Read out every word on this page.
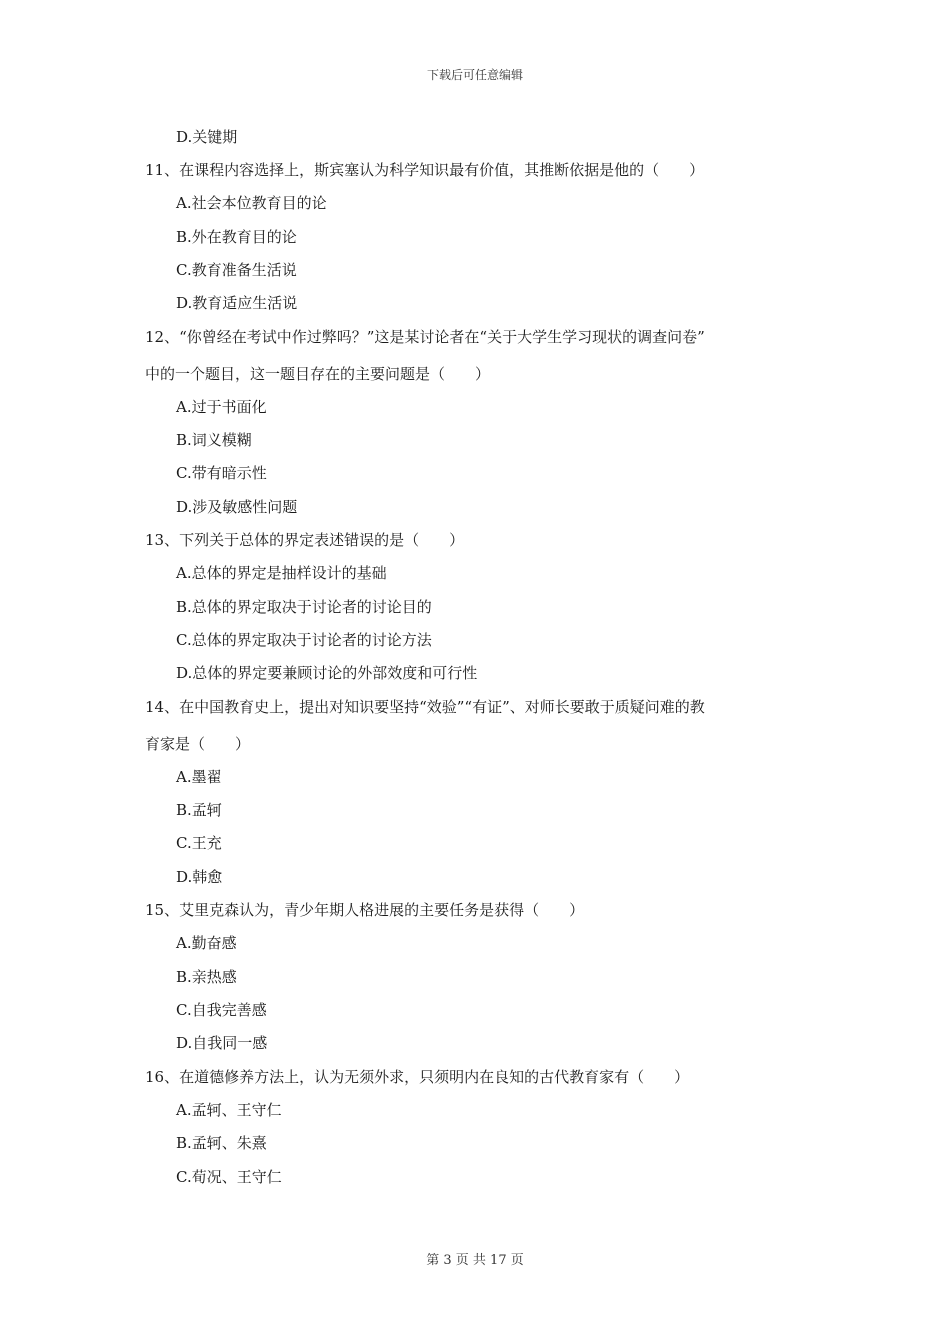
下载后可任意编辑
D.关键期
11、在课程内容选择上，斯宾塞认为科学知识最有价值，其推断依据是他的（　　）
A.社会本位教育目的论
B.外在教育目的论
C.教育准备生活说
D.教育适应生活说
12、“你曾经在考试中作过弊吗？”这是某讨论者在“关于大学生学习现状的调查问卷”
中的一个题目，这一题目存在的主要问题是（　　）
A.过于书面化
B.词义模糊
C.带有暗示性
D.涉及敏感性问题
13、下列关于总体的界定表述错误的是（　　）
A.总体的界定是抽样设计的基础
B.总体的界定取决于讨论者的讨论目的
C.总体的界定取决于讨论者的讨论方法
D.总体的界定要兼顾讨论的外部效度和可行性
14、在中国教育史上，提出对知识要坚持“效验”“有证”、对师长要敢于质疑问难的教
育家是（　　）
A.墨翟
B.孟轲
C.王充
D.韩愈
15、艾里克森认为，青少年期人格进展的主要任务是获得（　　）
A.勤奋感
B.亲热感
C.自我完善感
D.自我同一感
16、在道德修养方法上，认为无须外求，只须明内在良知的古代教育家有（　　）
A.孟轲、王守仁
B.孟轲、朱熹
C.荀况、王守仁
第 3 页 共 17 页
